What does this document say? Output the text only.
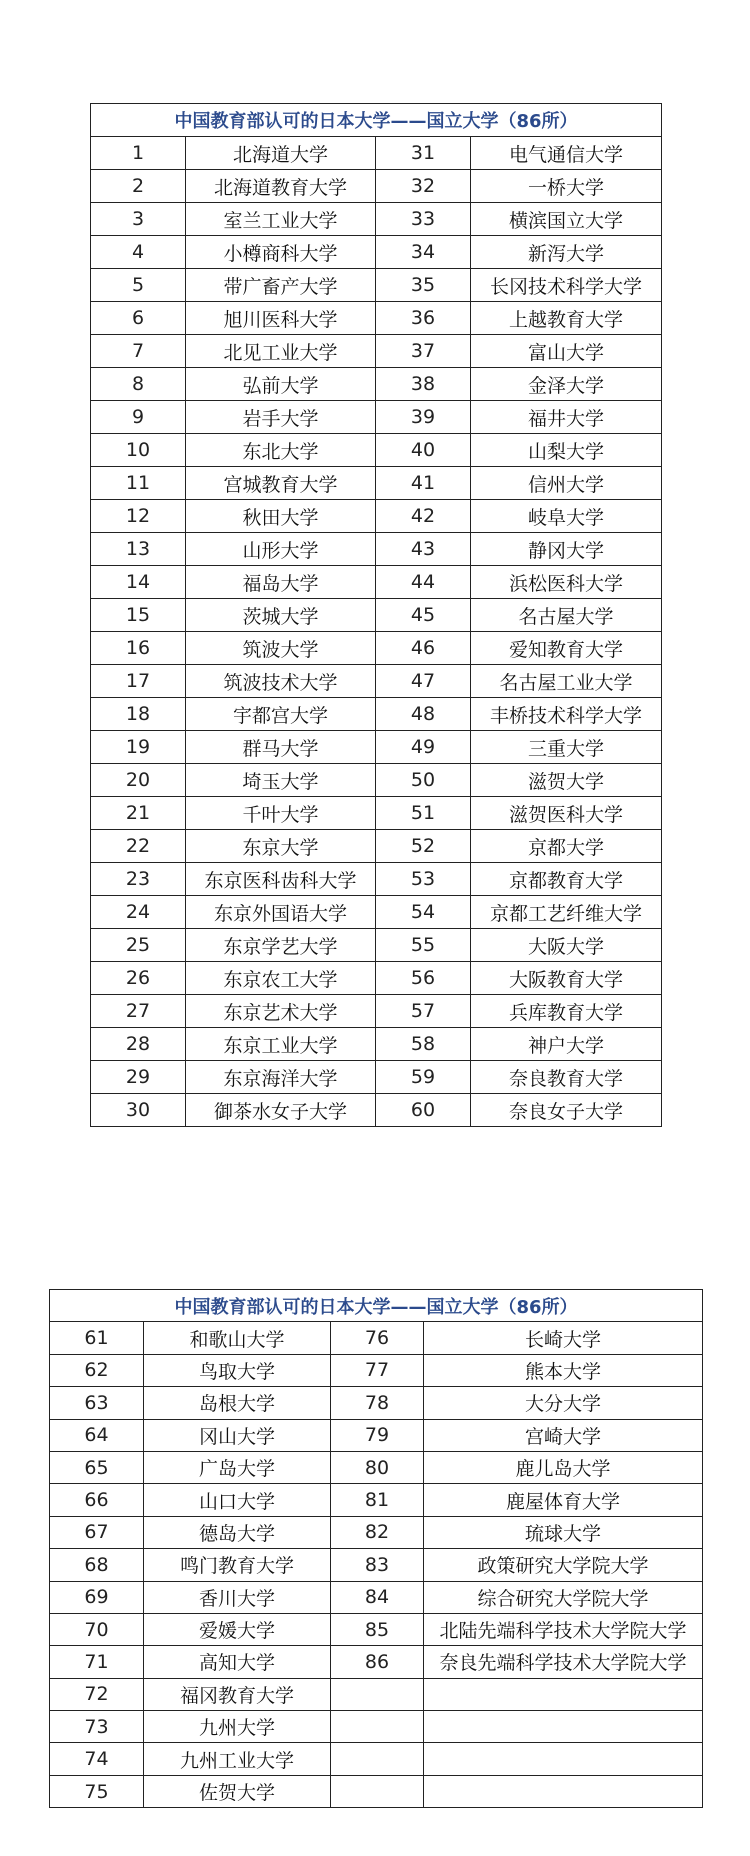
中国教育部认可的日本大学——国立大学（86所）			
1	北海道大学	31	电气通信大学
2	北海道教育大学	32	一桥大学
3	室兰工业大学	33	横滨国立大学
4	小樽商科大学	34	新泻大学
5	带广畜产大学	35	长冈技术科学大学
6	旭川医科大学	36	上越教育大学
7	北见工业大学	37	富山大学
8	弘前大学	38	金泽大学
9	岩手大学	39	福井大学
10	东北大学	40	山梨大学
11	宫城教育大学	41	信州大学
12	秋田大学	42	岐阜大学
13	山形大学	43	静冈大学
14	福岛大学	44	浜松医科大学
15	茨城大学	45	名古屋大学
16	筑波大学	46	爱知教育大学
17	筑波技术大学	47	名古屋工业大学
18	宇都宫大学	48	丰桥技术科学大学
19	群马大学	49	三重大学
20	埼玉大学	50	滋贺大学
21	千叶大学	51	滋贺医科大学
22	东京大学	52	京都大学
23	东京医科齿科大学	53	京都教育大学
24	东京外国语大学	54	京都工艺纤维大学
25	东京学艺大学	55	大阪大学
26	东京农工大学	56	大阪教育大学
27	东京艺术大学	57	兵库教育大学
28	东京工业大学	58	神户大学
29	东京海洋大学	59	奈良教育大学
30	御茶水女子大学	60	奈良女子大学
中国教育部认可的日本大学——国立大学（86所）			
61	和歌山大学	76	长崎大学
62	鸟取大学	77	熊本大学
63	岛根大学	78	大分大学
64	冈山大学	79	宫崎大学
65	广岛大学	80	鹿儿岛大学
66	山口大学	81	鹿屋体育大学
67	德岛大学	82	琉球大学
68	鸣门教育大学	83	政策研究大学院大学
69	香川大学	84	综合研究大学院大学
70	爱媛大学	85	北陆先端科学技术大学院大学
71	高知大学	86	奈良先端科学技术大学院大学
72	福冈教育大学		
73	九州大学		
74	九州工业大学		
75	佐贺大学		
